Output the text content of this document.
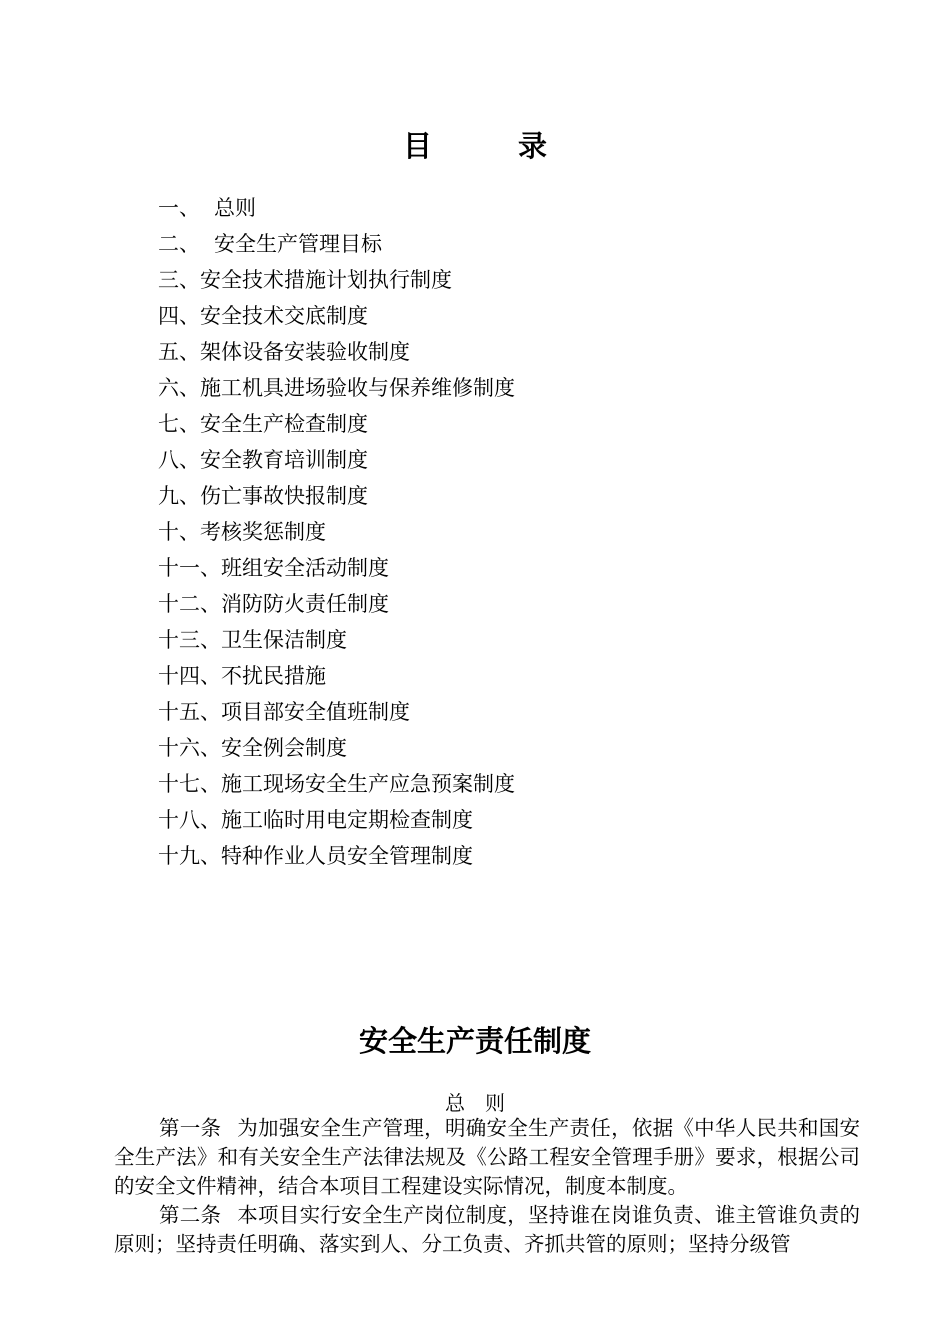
目	录
一、 总则
二、 安全生产管理目标
三、安全技术措施计划执行制度
四、安全技术交底制度
五、架体设备安装验收制度
六、施工机具进场验收与保养维修制度
七、安全生产检查制度
八、安全教育培训制度
九、伤亡事故快报制度
十、考核奖惩制度
十一、班组安全活动制度
十二、消防防火责任制度
十三、卫生保洁制度
十四、不扰民措施
十五、项目部安全值班制度
十六、安全例会制度
十七、施工现场安全生产应急预案制度
十八、施工临时用电定期检查制度
十九、特种作业人员安全管理制度
安全生产责任制度
总 则

第一条 为加强安全生产管理，明确安全生产责任，依据《中华人民共和国安全生产法》和有关安全生产法律法规及《公路工程安全管理手册》要求，根据公司的安全文件精神，结合本项目工程建设实际情况，制度本制度。

第二条 本项目实行安全生产岗位制度，坚持谁在岗谁负责、谁主管谁负责的原则；坚持责任明确、落实到人、分工负责、齐抓共管的原则；坚持分级管
